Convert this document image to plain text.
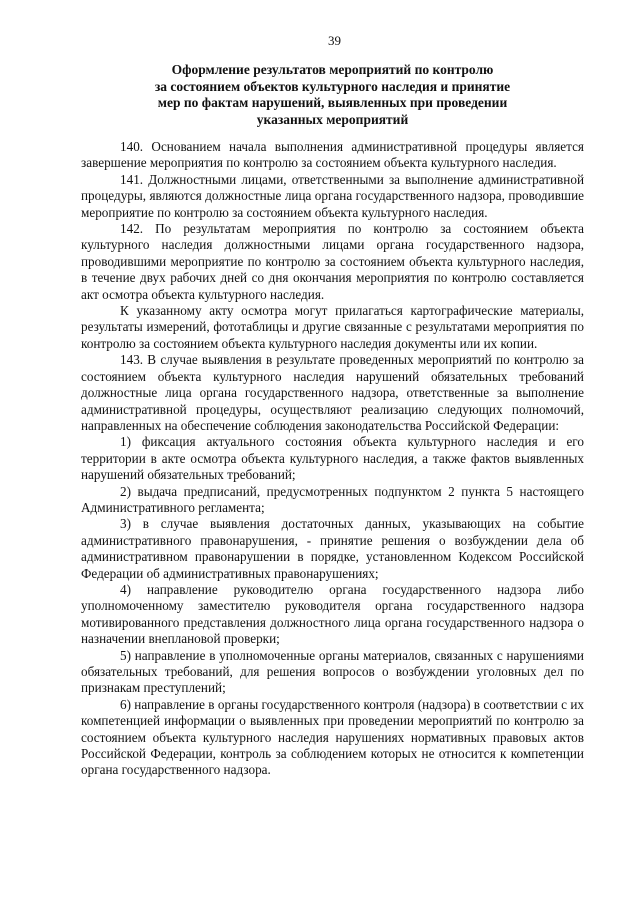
39
Оформление результатов мероприятий по контролю
за состоянием объектов культурного наследия и принятие
мер по фактам нарушений, выявленных при проведении
указанных мероприятий

140. Основанием начала выполнения административной процедуры является завершение мероприятия по контролю за состоянием объекта культурного наследия.

141. Должностными лицами, ответственными за выполнение административной процедуры, являются должностные лица органа государственного надзора, проводившие мероприятие по контролю за состоянием объекта культурного наследия.

142. По результатам мероприятия по контролю за состоянием объекта культурного наследия должностными лицами органа государственного надзора, проводившими мероприятие по контролю за состоянием объекта культурного наследия, в течение двух рабочих дней со дня окончания мероприятия по контролю составляется акт осмотра объекта культурного наследия.

К указанному акту осмотра могут прилагаться картографические материалы, результаты измерений, фототаблицы и другие связанные с результатами мероприятия по контролю за состоянием объекта культурного наследия документы или их копии.

143. В случае выявления в результате проведенных мероприятий по контролю за состоянием объекта культурного наследия нарушений обязательных требований должностные лица органа государственного надзора, ответственные за выполнение административной процедуры, осуществляют реализацию следующих полномочий, направленных на обеспечение соблюдения законодательства Российской Федерации:

1) фиксация актуального состояния объекта культурного наследия и его территории в акте осмотра объекта культурного наследия, а также фактов выявленных нарушений обязательных требований;

2) выдача предписаний, предусмотренных подпунктом 2 пункта 5 настоящего Административного регламента;

3) в случае выявления достаточных данных, указывающих на событие административного правонарушения, - принятие решения о возбуждении дела об административном правонарушении в порядке, установленном Кодексом Российской Федерации об административных правонарушениях;

4) направление руководителю органа государственного надзора либо уполномоченному заместителю руководителя органа государственного надзора мотивированного представления должностного лица органа государственного надзора о назначении внеплановой проверки;

5) направление в уполномоченные органы материалов, связанных с нарушениями обязательных требований, для решения вопросов о возбуждении уголовных дел по признакам преступлений;

6) направление в органы государственного контроля (надзора) в соответствии с их компетенцией информации о выявленных при проведении мероприятий по контролю за состоянием объекта культурного наследия нарушениях нормативных правовых актов Российской Федерации, контроль за соблюдением которых не относится к компетенции органа государственного надзора.
